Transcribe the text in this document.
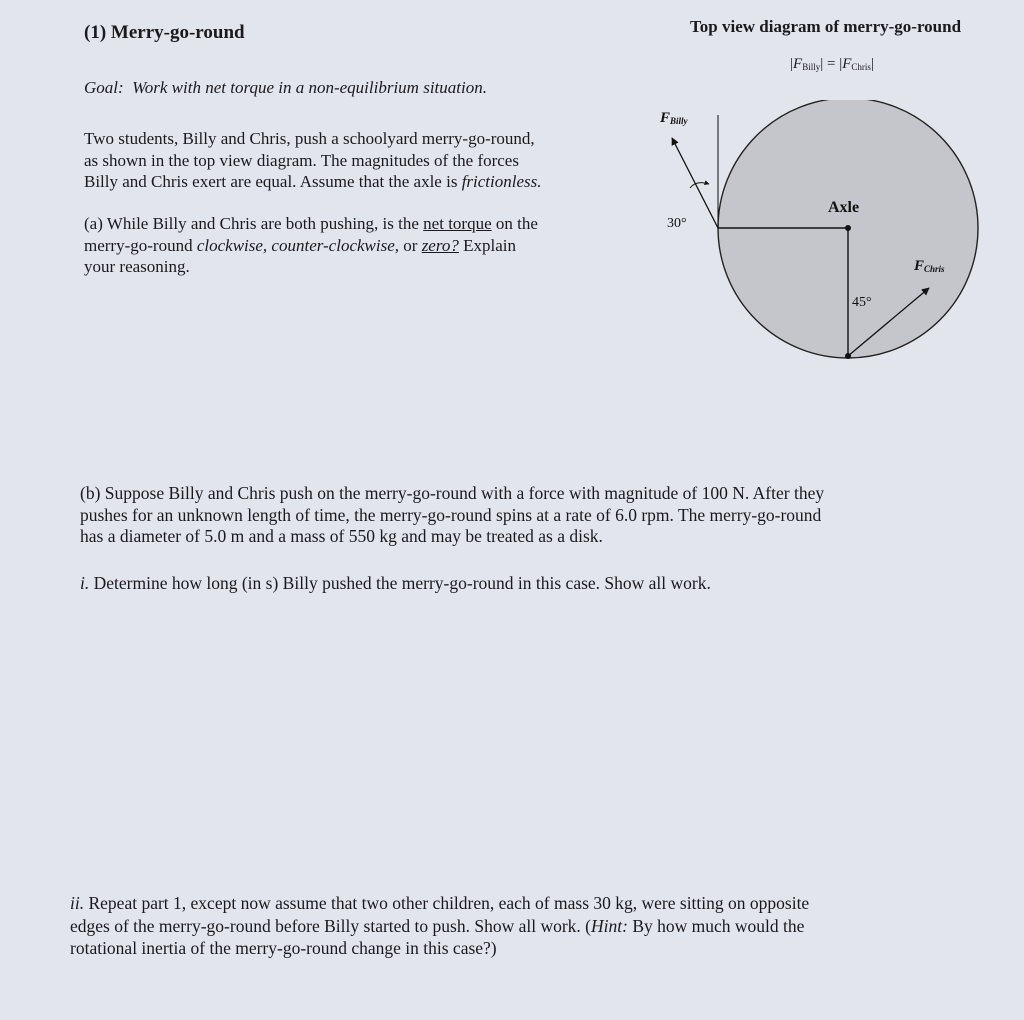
(1) Merry-go-round
Goal: Work with net torque in a non-equilibrium situation.

Two students, Billy and Chris, push a schoolyard merry-go-round,

as shown in the top view diagram. The magnitudes of the forces

Billy and Chris exert are equal. Assume that the axle is frictionless.

(a) While Billy and Chris are both pushing, is the net torque on the

merry-go-round clockwise, counter-clockwise, or zero? Explain

your reasoning.

Top view diagram of merry-go-round
$|F_{Billy}| = |F_{Chris}|$
FBilly
30°
Axle
FChris
45°
(b) Suppose Billy and Chris push on the merry-go-round with a force with magnitude of 100 N. After they
pushes for an unknown length of time, the merry-go-round spins at a rate of 6.0 rpm. The merry-go-round
has a diameter of 5.0 m and a mass of 550 kg and may be treated as a disk.
i. Determine how long (in s) Billy pushed the merry-go-round in this case. Show all work.
ii. Repeat part 1, except now assume that two other children, each of mass 30 kg, were sitting on opposite
edges of the merry-go-round before Billy started to push. Show all work. (Hint: By how much would the
rotational inertia of the merry-go-round change in this case?)
